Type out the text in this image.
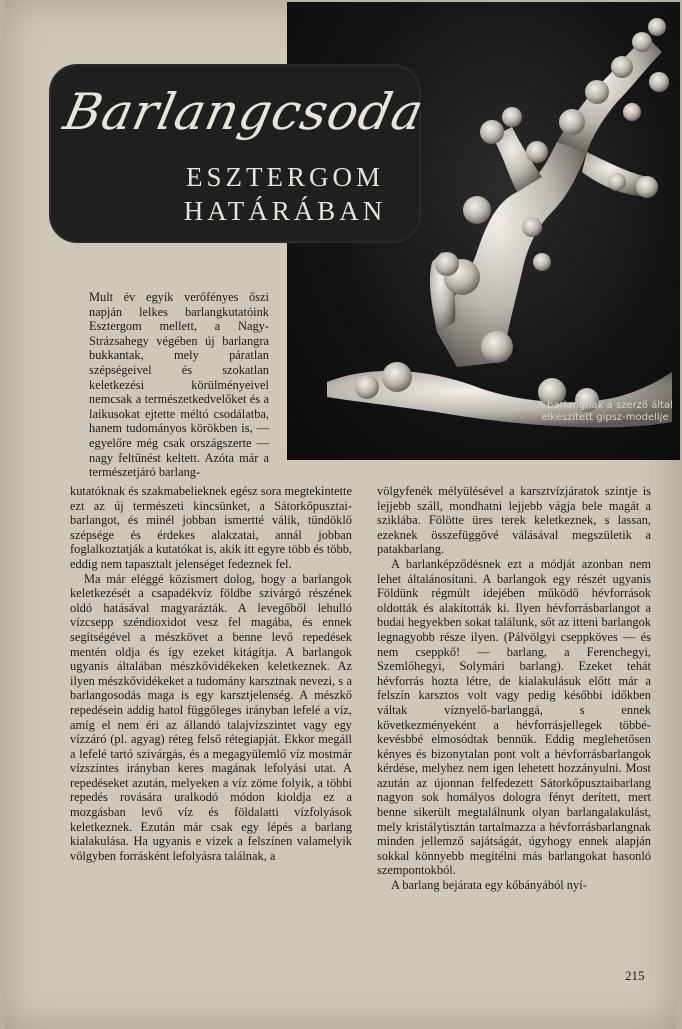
A barlangnak a szerző által elkészített gipsz-modellje
Barlangcsoda
ESZTERGOM
HATÁRÁBAN

Mult év egyik verőfényes őszi napján lelkes barlangkutatóink Esztergom mellett, a Nagy-Strázsahegy végében új barlangra bukkantak, mely páratlan szépségeivel és szokatlan keletkezési körülményeivel nemcsak a természetkedvelőket és a laikusokat ejtette méltó csodálatba, hanem tudományos körökben is, — egyelőre még csak országszerte — nagy feltűnést keltett. Azóta már a természetjáró barlang-

kutatóknak és szakmabelieknek egész sora megtekintette ezt az új természeti kincsünket, a Sátorkőpusztai-barlangot, és minél jobban ismertté válik, tündöklő szépsége és érdekes alakzatai, annál jobban foglalkoztatják a kutatókat is, akik itt egyre több és több, eddig nem tapasztalt jelenséget fedeznek fel.

Ma már eléggé közismert dolog, hogy a barlangok keletkezését a csapadékvíz földbe szivárgó részének oldó hatásával magyarázták. A levegőből lehulló vízcsepp széndioxidot vesz fel magába, és ennek segítségével a mészkövet a benne levő repedések mentén oldja és így ezeket kitágítja. A barlangok ugyanis általában mészkővidékeken keletkeznek. Az ilyen mészkővidékeket a tudomány karsztnak nevezi, s a barlangosodás maga is egy karsztjelenség. A mészkő repedésein addig hatol függőleges irányban lefelé a víz, amíg el nem éri az állandó talajvízszintet vagy egy vízzáró (pl. agyag) réteg felső rétegiapját. Ekkor megáll a lefelé tartó szivárgás, és a megagyülemlő víz mostmár vízszintes irányban keres magának lefolyási utat. A repedéseket azután, melyeken a víz zöme folyik, a többi repedés rovására uralkodó módon kioldja ez a mozgásban levő víz és földalatti vízfolyások keletkeznek. Ezután már csak egy lépés a barlang kialakulása. Ha ugyanis e vizek a felszínen valamelyik völgyben forrásként lefolyásra találnak, a

völgyfenék mélyülésével a karsztvízjáratok szintje is lejjebb száll, mondhatni lejjebb vágja bele magát a sziklába. Fölötte üres terek keletkeznek, s lassan, ezeknek összefüggővé válásával megszületik a patakbarlang.

A barlanképződésnek ezt a módját azonban nem lehet általánosítani. A barlangok egy részét ugyanis Földünk régmúlt idejében működő hévforrások oldották és alakították ki. Ilyen hévforrásbarlangot a budai hegyekben sokat találunk, sőt az itteni barlangok legnagyobb része ilyen. (Pálvölgyi cseppköves — és nem cseppkő! — barlang, a Ferenchegyi, Szemlőhegyi, Solymári barlang). Ezeket tehát hévforrás hozta létre, de kialakulásuk előtt már a felszín karsztos volt vagy pedig későbbi időkben váltak víznyelő-barlanggá, s ennek következményeként a hévforrásjellegek többé-kevésbbé elmosódtak bennük. Eddig meglehetősen kényes és bizonytalan pont volt a hévforrásbarlangok kérdése, melyhez nem igen lehetett hozzányulni. Most azután az újonnan felfedezett Sátorkőpusztaibarlang nagyon sok homályos dologra fényt derített, mert benne sikerült megtalálnunk olyan barlangalakulást, mely kristálytisztán tartalmazza a hévforrásbarlangnak minden jellemző sajátságát, úgyhogy ennek alapján sokkal könnyebb megítélni más barlangokat hasonló szempontokból.

A barlang bejárata egy kőbányából nyí-

215
